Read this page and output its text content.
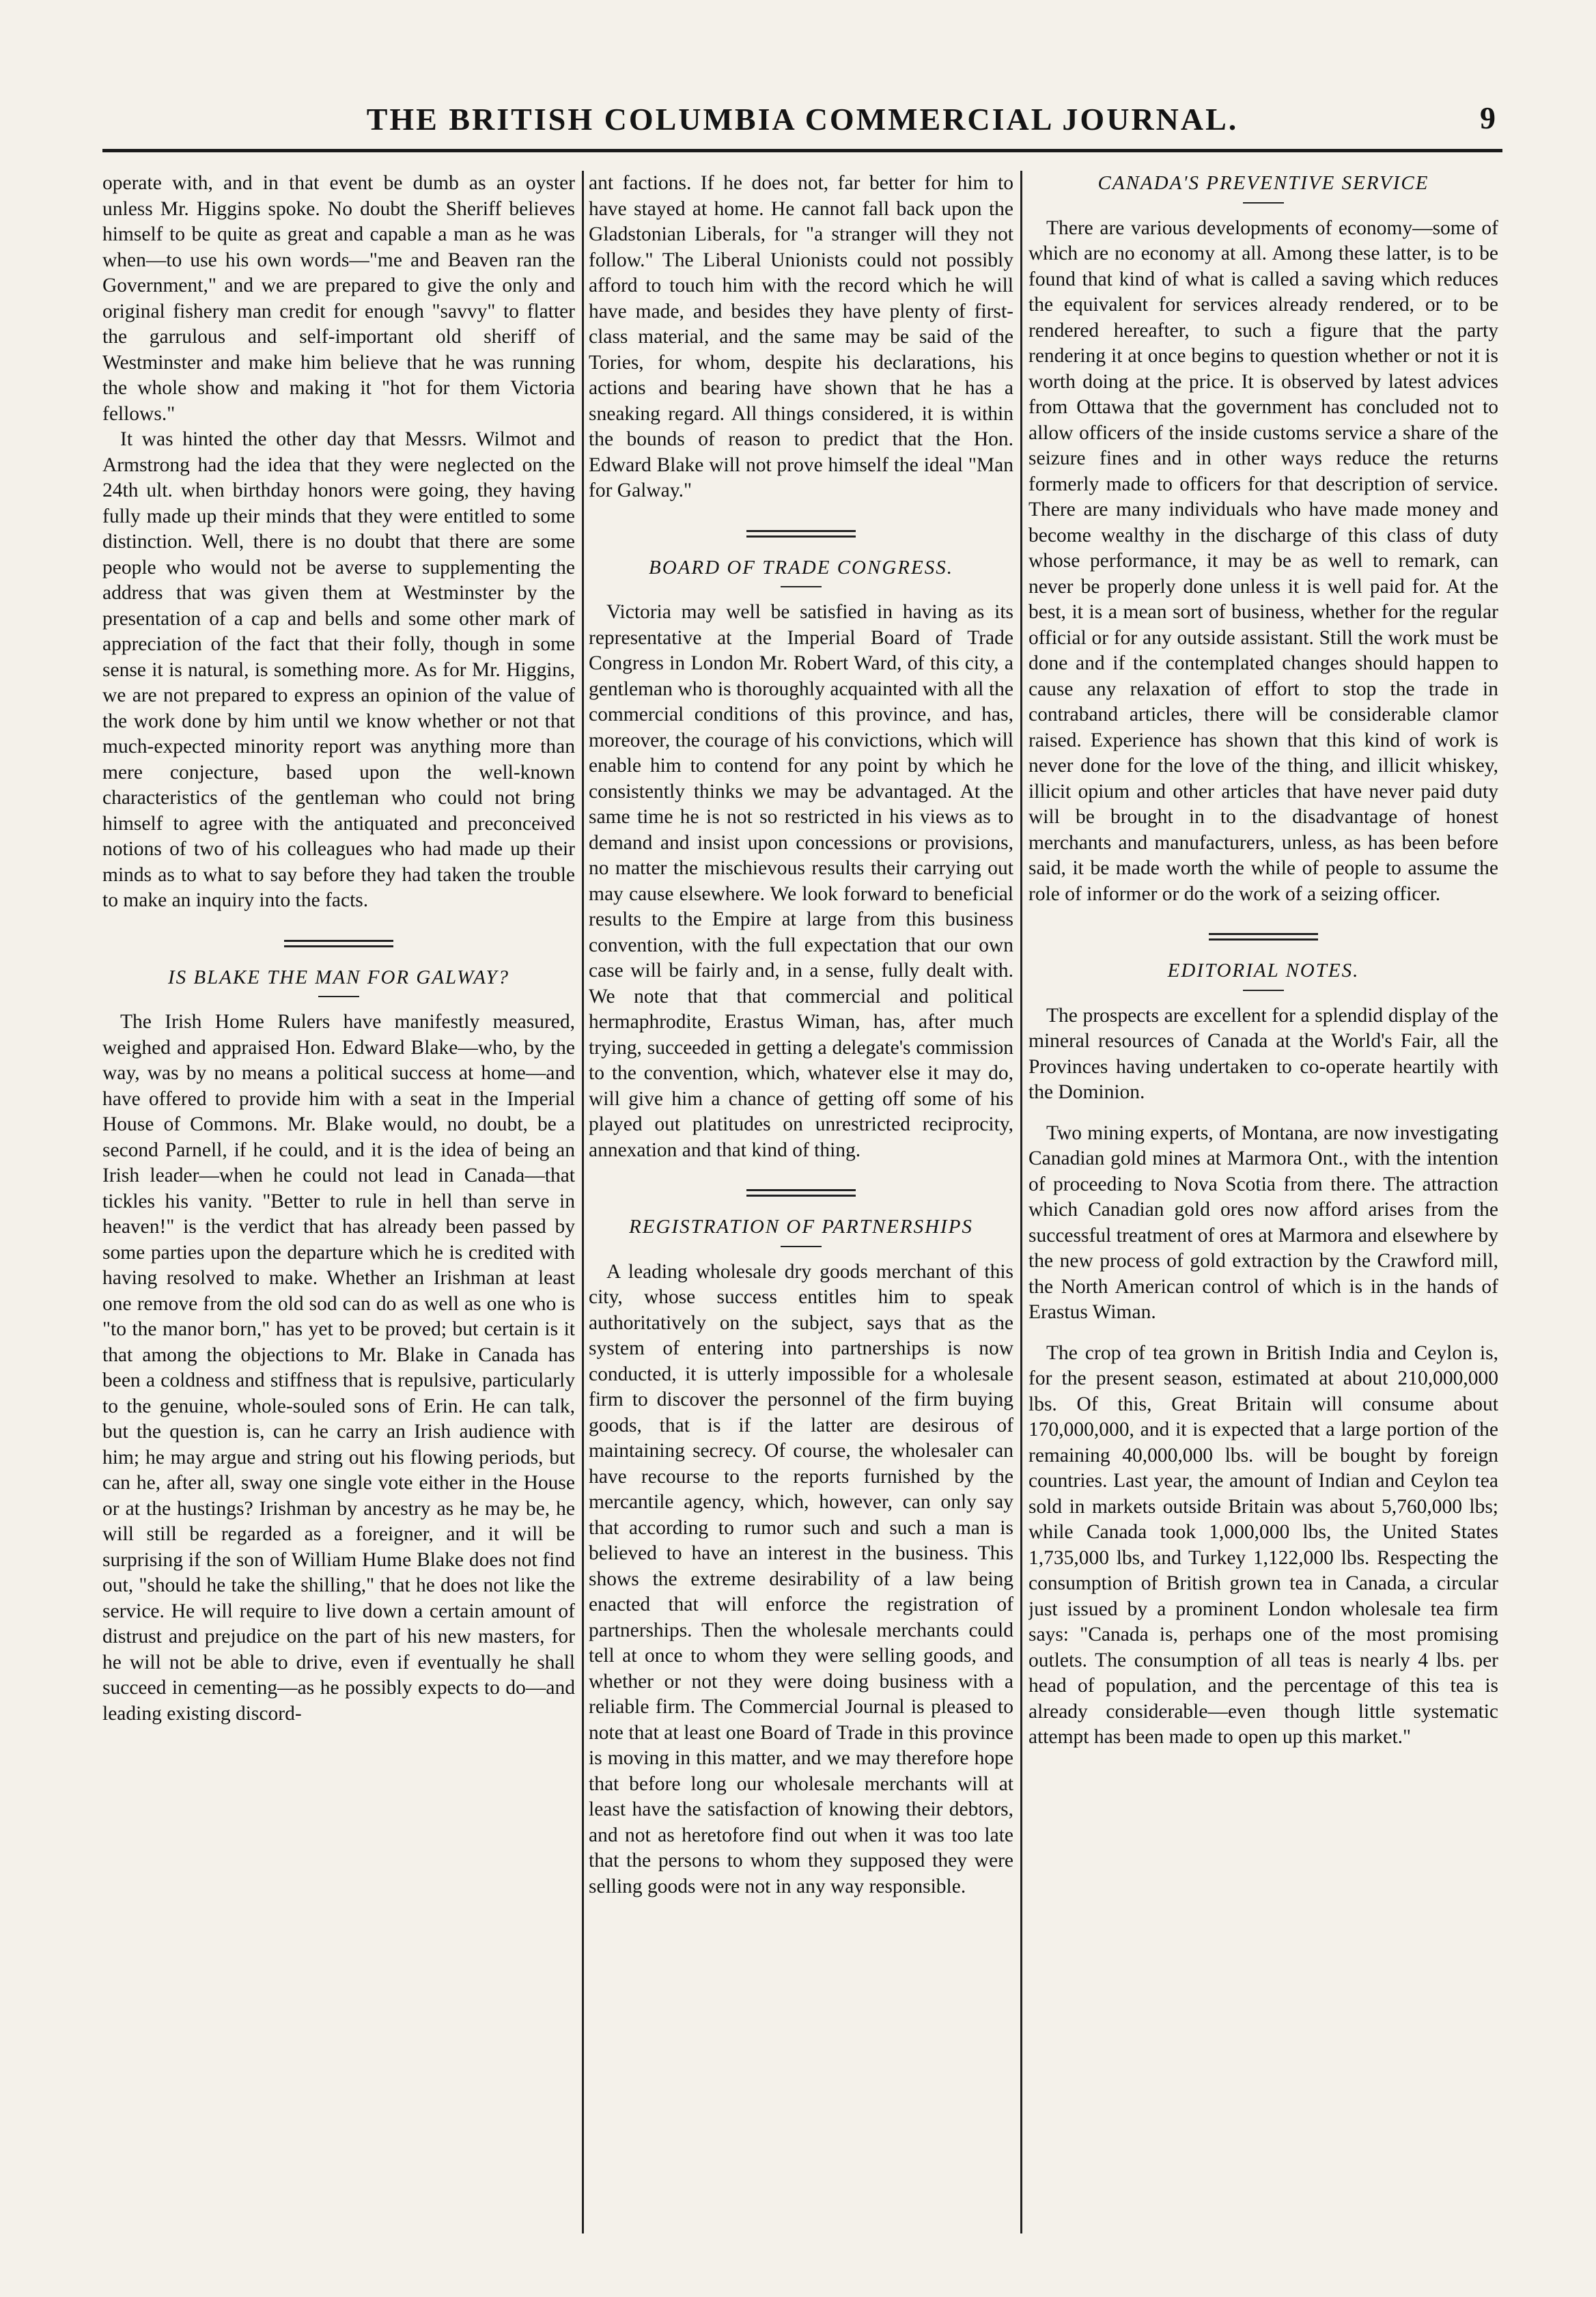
THE BRITISH COLUMBIA COMMERCIAL JOURNAL.	9

operate with, and in that event be dumb as an oyster unless Mr. Higgins spoke. No doubt the Sheriff believes himself to be quite as great and capable a man as he was when—to use his own words—"me and Beaven ran the Government," and we are prepared to give the only and original fishery man credit for enough "savvy" to flatter the garrulous and self-important old sheriff of Westminster and make him believe that he was running the whole show and making it "hot for them Victoria fellows."

It was hinted the other day that Messrs. Wilmot and Armstrong had the idea that they were neglected on the 24th ult. when birthday honors were going, they having fully made up their minds that they were entitled to some distinction. Well, there is no doubt that there are some people who would not be averse to supplementing the address that was given them at Westminster by the presentation of a cap and bells and some other mark of appreciation of the fact that their folly, though in some sense it is natural, is something more. As for Mr. Higgins, we are not prepared to express an opinion of the value of the work done by him until we know whether or not that much-expected minority report was anything more than mere conjecture, based upon the well-known characteristics of the gentleman who could not bring himself to agree with the antiquated and preconceived notions of two of his colleagues who had made up their minds as to what to say before they had taken the trouble to make an inquiry into the facts.

IS BLAKE THE MAN FOR GALWAY?

The Irish Home Rulers have manifestly measured, weighed and appraised Hon. Edward Blake—who, by the way, was by no means a political success at home—and have offered to provide him with a seat in the Imperial House of Commons. Mr. Blake would, no doubt, be a second Parnell, if he could, and it is the idea of being an Irish leader—when he could not lead in Canada—that tickles his vanity. "Better to rule in hell than serve in heaven!" is the verdict that has already been passed by some parties upon the departure which he is credited with having resolved to make. Whether an Irishman at least one remove from the old sod can do as well as one who is "to the manor born," has yet to be proved; but certain is it that among the objections to Mr. Blake in Canada has been a coldness and stiffness that is repulsive, particularly to the genuine, whole-souled sons of Erin. He can talk, but the question is, can he carry an Irish audience with him; he may argue and string out his flowing periods, but can he, after all, sway one single vote either in the House or at the hustings? Irishman by ancestry as he may be, he will still be regarded as a foreigner, and it will be surprising if the son of William Hume Blake does not find out, "should he take the shilling," that he does not like the service. He will require to live down a certain amount of distrust and prejudice on the part of his new masters, for he will not be able to drive, even if eventually he shall succeed in cementing—as he possibly expects to do—and leading existing discord-

ant factions. If he does not, far better for him to have stayed at home. He cannot fall back upon the Gladstonian Liberals, for "a stranger will they not follow." The Liberal Unionists could not possibly afford to touch him with the record which he will have made, and besides they have plenty of first-class material, and the same may be said of the Tories, for whom, despite his declarations, his actions and bearing have shown that he has a sneaking regard. All things considered, it is within the bounds of reason to predict that the Hon. Edward Blake will not prove himself the ideal "Man for Galway."

BOARD OF TRADE CONGRESS.

Victoria may well be satisfied in having as its representative at the Imperial Board of Trade Congress in London Mr. Robert Ward, of this city, a gentleman who is thoroughly acquainted with all the commercial conditions of this province, and has, moreover, the courage of his convictions, which will enable him to contend for any point by which he consistently thinks we may be advantaged. At the same time he is not so restricted in his views as to demand and insist upon concessions or provisions, no matter the mischievous results their carrying out may cause elsewhere. We look forward to beneficial results to the Empire at large from this business convention, with the full expectation that our own case will be fairly and, in a sense, fully dealt with. We note that that commercial and political hermaphrodite, Erastus Wiman, has, after much trying, succeeded in getting a delegate's commission to the convention, which, whatever else it may do, will give him a chance of getting off some of his played out platitudes on unrestricted reciprocity, annexation and that kind of thing.

REGISTRATION OF PARTNERSHIPS

A leading wholesale dry goods merchant of this city, whose success entitles him to speak authoritatively on the subject, says that as the system of entering into partnerships is now conducted, it is utterly impossible for a wholesale firm to discover the personnel of the firm buying goods, that is if the latter are desirous of maintaining secrecy. Of course, the wholesaler can have recourse to the reports furnished by the mercantile agency, which, however, can only say that according to rumor such and such a man is believed to have an interest in the business. This shows the extreme desirability of a law being enacted that will enforce the registration of partnerships. Then the wholesale merchants could tell at once to whom they were selling goods, and whether or not they were doing business with a reliable firm. The Commercial Journal is pleased to note that at least one Board of Trade in this province is moving in this matter, and we may therefore hope that before long our wholesale merchants will at least have the satisfaction of knowing their debtors, and not as heretofore find out when it was too late that the persons to whom they supposed they were selling goods were not in any way responsible.

CANADA'S PREVENTIVE SERVICE

There are various developments of economy—some of which are no economy at all. Among these latter, is to be found that kind of what is called a saving which reduces the equivalent for services already rendered, or to be rendered hereafter, to such a figure that the party rendering it at once begins to question whether or not it is worth doing at the price. It is observed by latest advices from Ottawa that the government has concluded not to allow officers of the inside customs service a share of the seizure fines and in other ways reduce the returns formerly made to officers for that description of service. There are many individuals who have made money and become wealthy in the discharge of this class of duty whose performance, it may be as well to remark, can never be properly done unless it is well paid for. At the best, it is a mean sort of business, whether for the regular official or for any outside assistant. Still the work must be done and if the contemplated changes should happen to cause any relaxation of effort to stop the trade in contraband articles, there will be considerable clamor raised. Experience has shown that this kind of work is never done for the love of the thing, and illicit whiskey, illicit opium and other articles that have never paid duty will be brought in to the disadvantage of honest merchants and manufacturers, unless, as has been before said, it be made worth the while of people to assume the role of informer or do the work of a seizing officer.

EDITORIAL NOTES.

The prospects are excellent for a splendid display of the mineral resources of Canada at the World's Fair, all the Provinces having undertaken to co-operate heartily with the Dominion.

Two mining experts, of Montana, are now investigating Canadian gold mines at Marmora Ont., with the intention of proceeding to Nova Scotia from there. The attraction which Canadian gold ores now afford arises from the successful treatment of ores at Marmora and elsewhere by the new process of gold extraction by the Crawford mill, the North American control of which is in the hands of Erastus Wiman.

The crop of tea grown in British India and Ceylon is, for the present season, estimated at about 210,000,000 lbs. Of this, Great Britain will consume about 170,000,000, and it is expected that a large portion of the remaining 40,000,000 lbs. will be bought by foreign countries. Last year, the amount of Indian and Ceylon tea sold in markets outside Britain was about 5,760,000 lbs; while Canada took 1,000,000 lbs, the United States 1,735,000 lbs, and Turkey 1,122,000 lbs. Respecting the consumption of British grown tea in Canada, a circular just issued by a prominent London wholesale tea firm says: "Canada is, perhaps one of the most promising outlets. The consumption of all teas is nearly 4 lbs. per head of population, and the percentage of this tea is already considerable—even though little systematic attempt has been made to open up this market."
